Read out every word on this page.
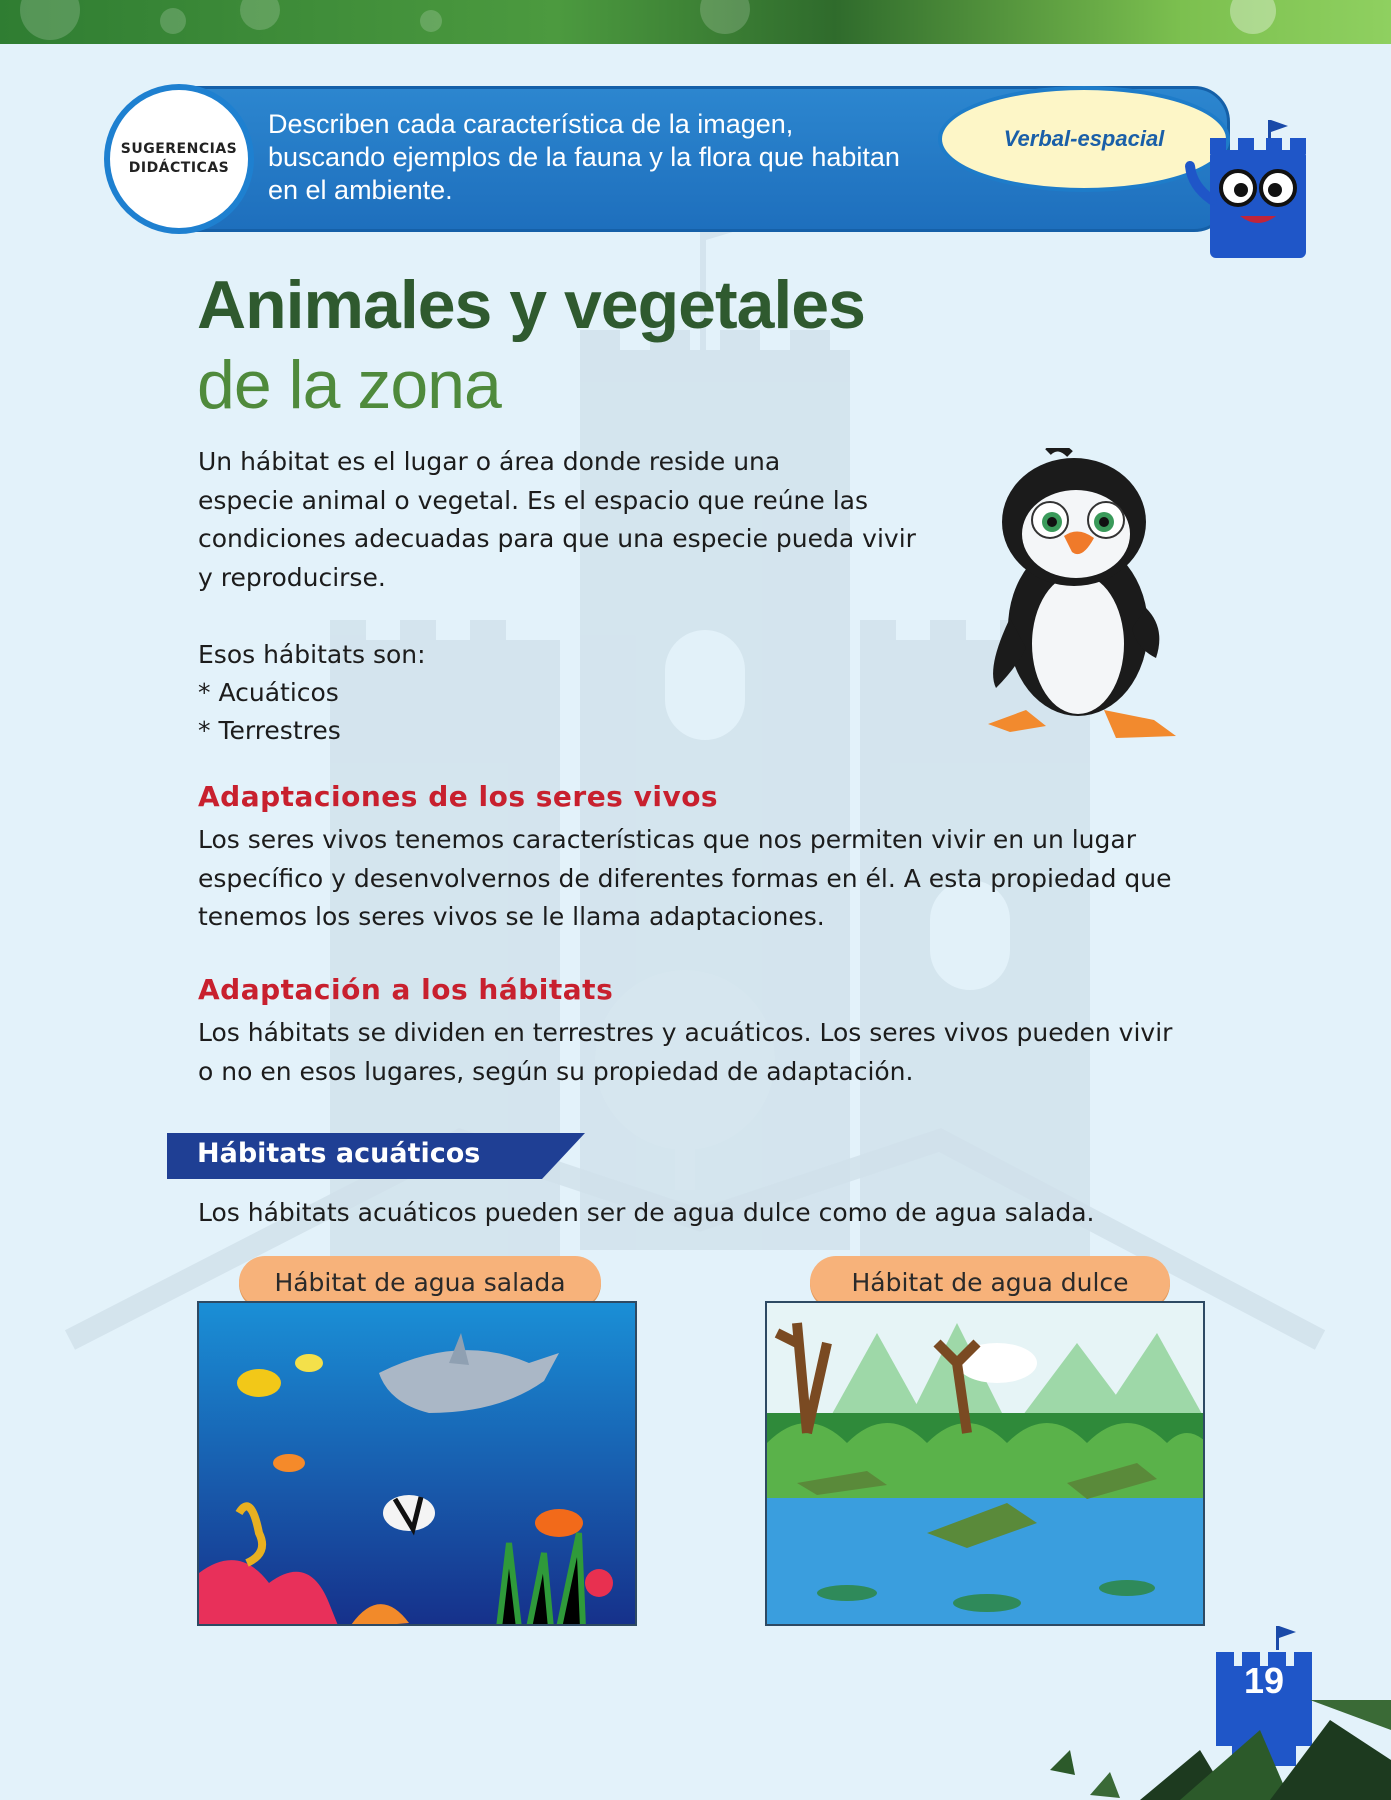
SUGERENCIAS
DIDÁCTICAS
Describen cada característica de la imagen,
buscando ejemplos de la fauna y la flora que habitan
en el ambiente.
Verbal-espacial
Animales y vegetales
de la zona
Un hábitat es el lugar o área donde reside una
especie animal o vegetal. Es el espacio que reúne las
condiciones adecuadas para que una especie pueda vivir
y reproducirse.
Esos hábitats son:
* Acuáticos
* Terrestres
Adaptaciones de los seres vivos
Los seres vivos tenemos características que nos permiten vivir en un lugar
específico y desenvolvernos de diferentes formas en él. A esta propiedad que
tenemos los seres vivos se le llama adaptaciones.
Adaptación a los hábitats
Los hábitats se dividen en terrestres y acuáticos. Los seres vivos pueden vivir
o no en esos lugares, según su propiedad de adaptación.
Hábitats acuáticos
Los hábitats acuáticos pueden ser de agua dulce como de agua salada.
Hábitat de agua salada	Hábitat de agua dulce
19
